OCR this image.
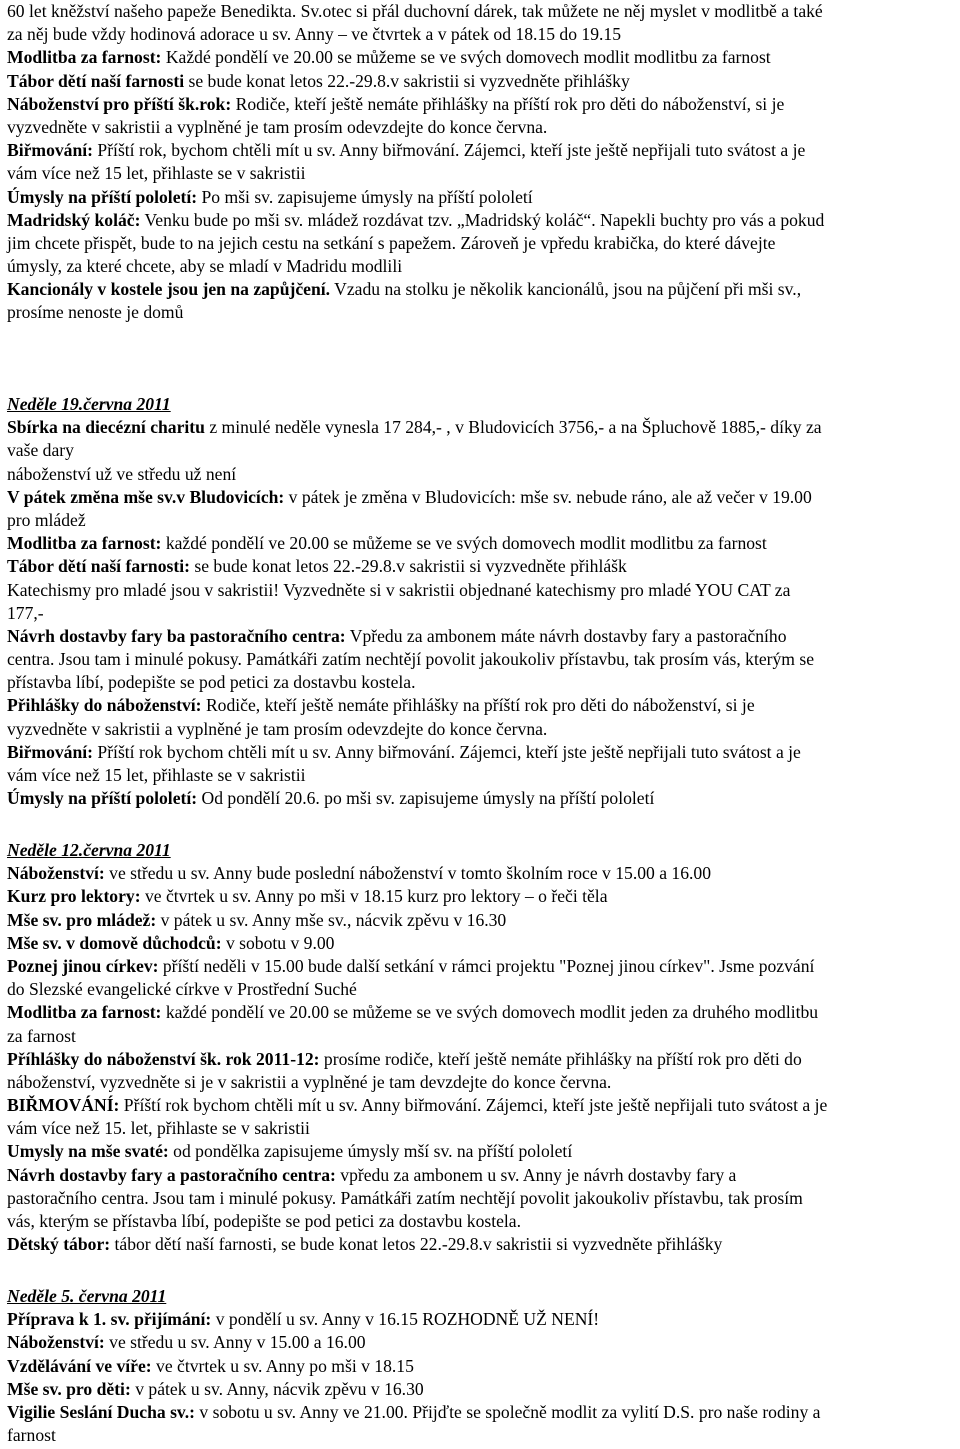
60 let kněžství našeho papeže Benedikta. Sv.otec si přál duchovní dárek, tak můžete ne něj myslet v modlitbě a také
za něj bude vždy hodinová adorace u sv. Anny – ve čtvrtek a v pátek od 18.15 do 19.15
Modlitba za farnost: Každé pondělí ve 20.00 se můžeme se ve svých domovech modlit modlitbu za farnost
Tábor dětí naší farnosti se bude konat letos 22.-29.8.v sakristii si vyzvedněte přihlášky
Náboženství pro příští šk.rok: Rodiče, kteří ještě nemáte přihlášky na příští rok pro děti do náboženství, si je
vyzvedněte v sakristii a vyplněné je tam prosím odevzdejte do konce června.
Biřmování: Příští rok, bychom chtěli mít u sv. Anny biřmování. Zájemci, kteří jste ještě nepřijali tuto svátost a je
vám více než 15 let, přihlaste se v sakristii
Úmysly na příští pololetí: Po mši sv. zapisujeme úmysly na příští pololetí
Madridský koláč: Venku bude po mši sv. mládež rozdávat tzv. „Madridský koláč“. Napekli buchty pro vás a pokud
jim chcete přispět, bude to na jejich cestu na setkání s papežem. Zároveň je vpředu krabička, do které dávejte
úmysly, za které chcete, aby se mladí v Madridu modlili
Kancionály v kostele jsou jen na zapůjčení. Vzadu na stolku je několik kancionálů, jsou na půjčení při mši sv.,
prosíme nenoste je domů
Neděle 19.června 2011
Sbírka na diecézní charitu z minulé neděle vynesla 17 284,- , v Bludovicích 3756,- a na Špluchově 1885,- díky za
vaše dary
náboženství už ve středu už není
V pátek změna mše sv.v Bludovicích: v pátek je změna v Bludovicích: mše sv. nebude ráno, ale až večer v 19.00
pro mládež
Modlitba za farnost: každé pondělí ve 20.00 se můžeme se ve svých domovech modlit modlitbu za farnost
Tábor dětí naší farnosti: se bude konat letos 22.-29.8.v sakristii si vyzvedněte přihlášk
Katechismy pro mladé jsou v sakristii! Vyzvedněte si v sakristii objednané katechismy pro mladé YOU CAT za
177,-
Návrh dostavby fary ba pastoračního centra: Vpředu za ambonem máte návrh dostavby fary a pastoračního
centra. Jsou tam i minulé pokusy. Památkáři zatím nechtějí povolit jakoukoliv přístavbu, tak prosím vás, kterým se
přístavba líbí, podepište se pod petici za dostavbu kostela.
Přihlášky do náboženství: Rodiče, kteří ještě nemáte přihlášky na příští rok pro děti do náboženství, si je
vyzvedněte v sakristii a vyplněné je tam prosím odevzdejte do konce června.
Biřmování: Příští rok bychom chtěli mít u sv. Anny biřmování. Zájemci, kteří jste ještě nepřijali tuto svátost a je
vám více než 15 let, přihlaste se v sakristii
Úmysly na příští pololetí: Od pondělí 20.6. po mši sv. zapisujeme úmysly na příští pololetí
Neděle 12.června 2011
Náboženství: ve středu u sv. Anny bude poslední náboženství v tomto školním roce v 15.00 a 16.00
Kurz pro lektory: ve čtvrtek u sv. Anny po mši v 18.15 kurz pro lektory – o řeči těla
Mše sv. pro mládež: v pátek u sv. Anny mše sv., nácvik zpěvu v 16.30
Mše sv. v domově důchodců: v sobotu v 9.00
Poznej jinou církev: příští neděli v 15.00 bude další setkání v rámci projektu "Poznej jinou církev". Jsme pozvání
do Slezské evangelické církve v Prostřední Suché
Modlitba za farnost: každé pondělí ve 20.00 se můžeme se ve svých domovech modlit jeden za druhého modlitbu
za farnost
Příhlášky do náboženství šk. rok 2011-12: prosíme rodiče, kteří ještě nemáte přihlášky na příští rok pro děti do
náboženství, vyzvedněte si je v sakristii a vyplněné je tam devzdejte do konce června.
BIŘMOVÁNÍ: Příští rok bychom chtěli mít u sv. Anny biřmování. Zájemci, kteří jste ještě nepřijali tuto svátost a je
vám více než 15. let, přihlaste se v sakristii
Umysly na mše svaté: od pondělka zapisujeme úmysly mší sv. na příští pololetí
Návrh dostavby fary a pastoračního centra: vpředu za ambonem u sv. Anny je návrh dostavby fary a
pastoračního centra. Jsou tam i minulé pokusy. Památkáři zatím nechtějí povolit jakoukoliv přístavbu, tak prosím
vás, kterým se přístavba líbí, podepište se pod petici za dostavbu kostela.
Dětský tábor: tábor dětí naší farnosti, se bude konat letos 22.-29.8.v sakristii si vyzvedněte přihlášky
Neděle 5. června 2011
Příprava k 1. sv. přijímání: v pondělí u sv. Anny v 16.15 ROZHODNĚ UŽ NENÍ!
Náboženství: ve středu u sv. Anny v 15.00 a 16.00
Vzdělávání ve víře: ve čtvrtek u sv. Anny po mši v 18.15
Mše sv. pro děti: v pátek u sv. Anny, nácvik zpěvu v 16.30
Vigilie Seslání Ducha sv.: v sobotu u sv. Anny ve 21.00. Přijďte se společně modlit za vylití D.S. pro naše rodiny a
farnost
